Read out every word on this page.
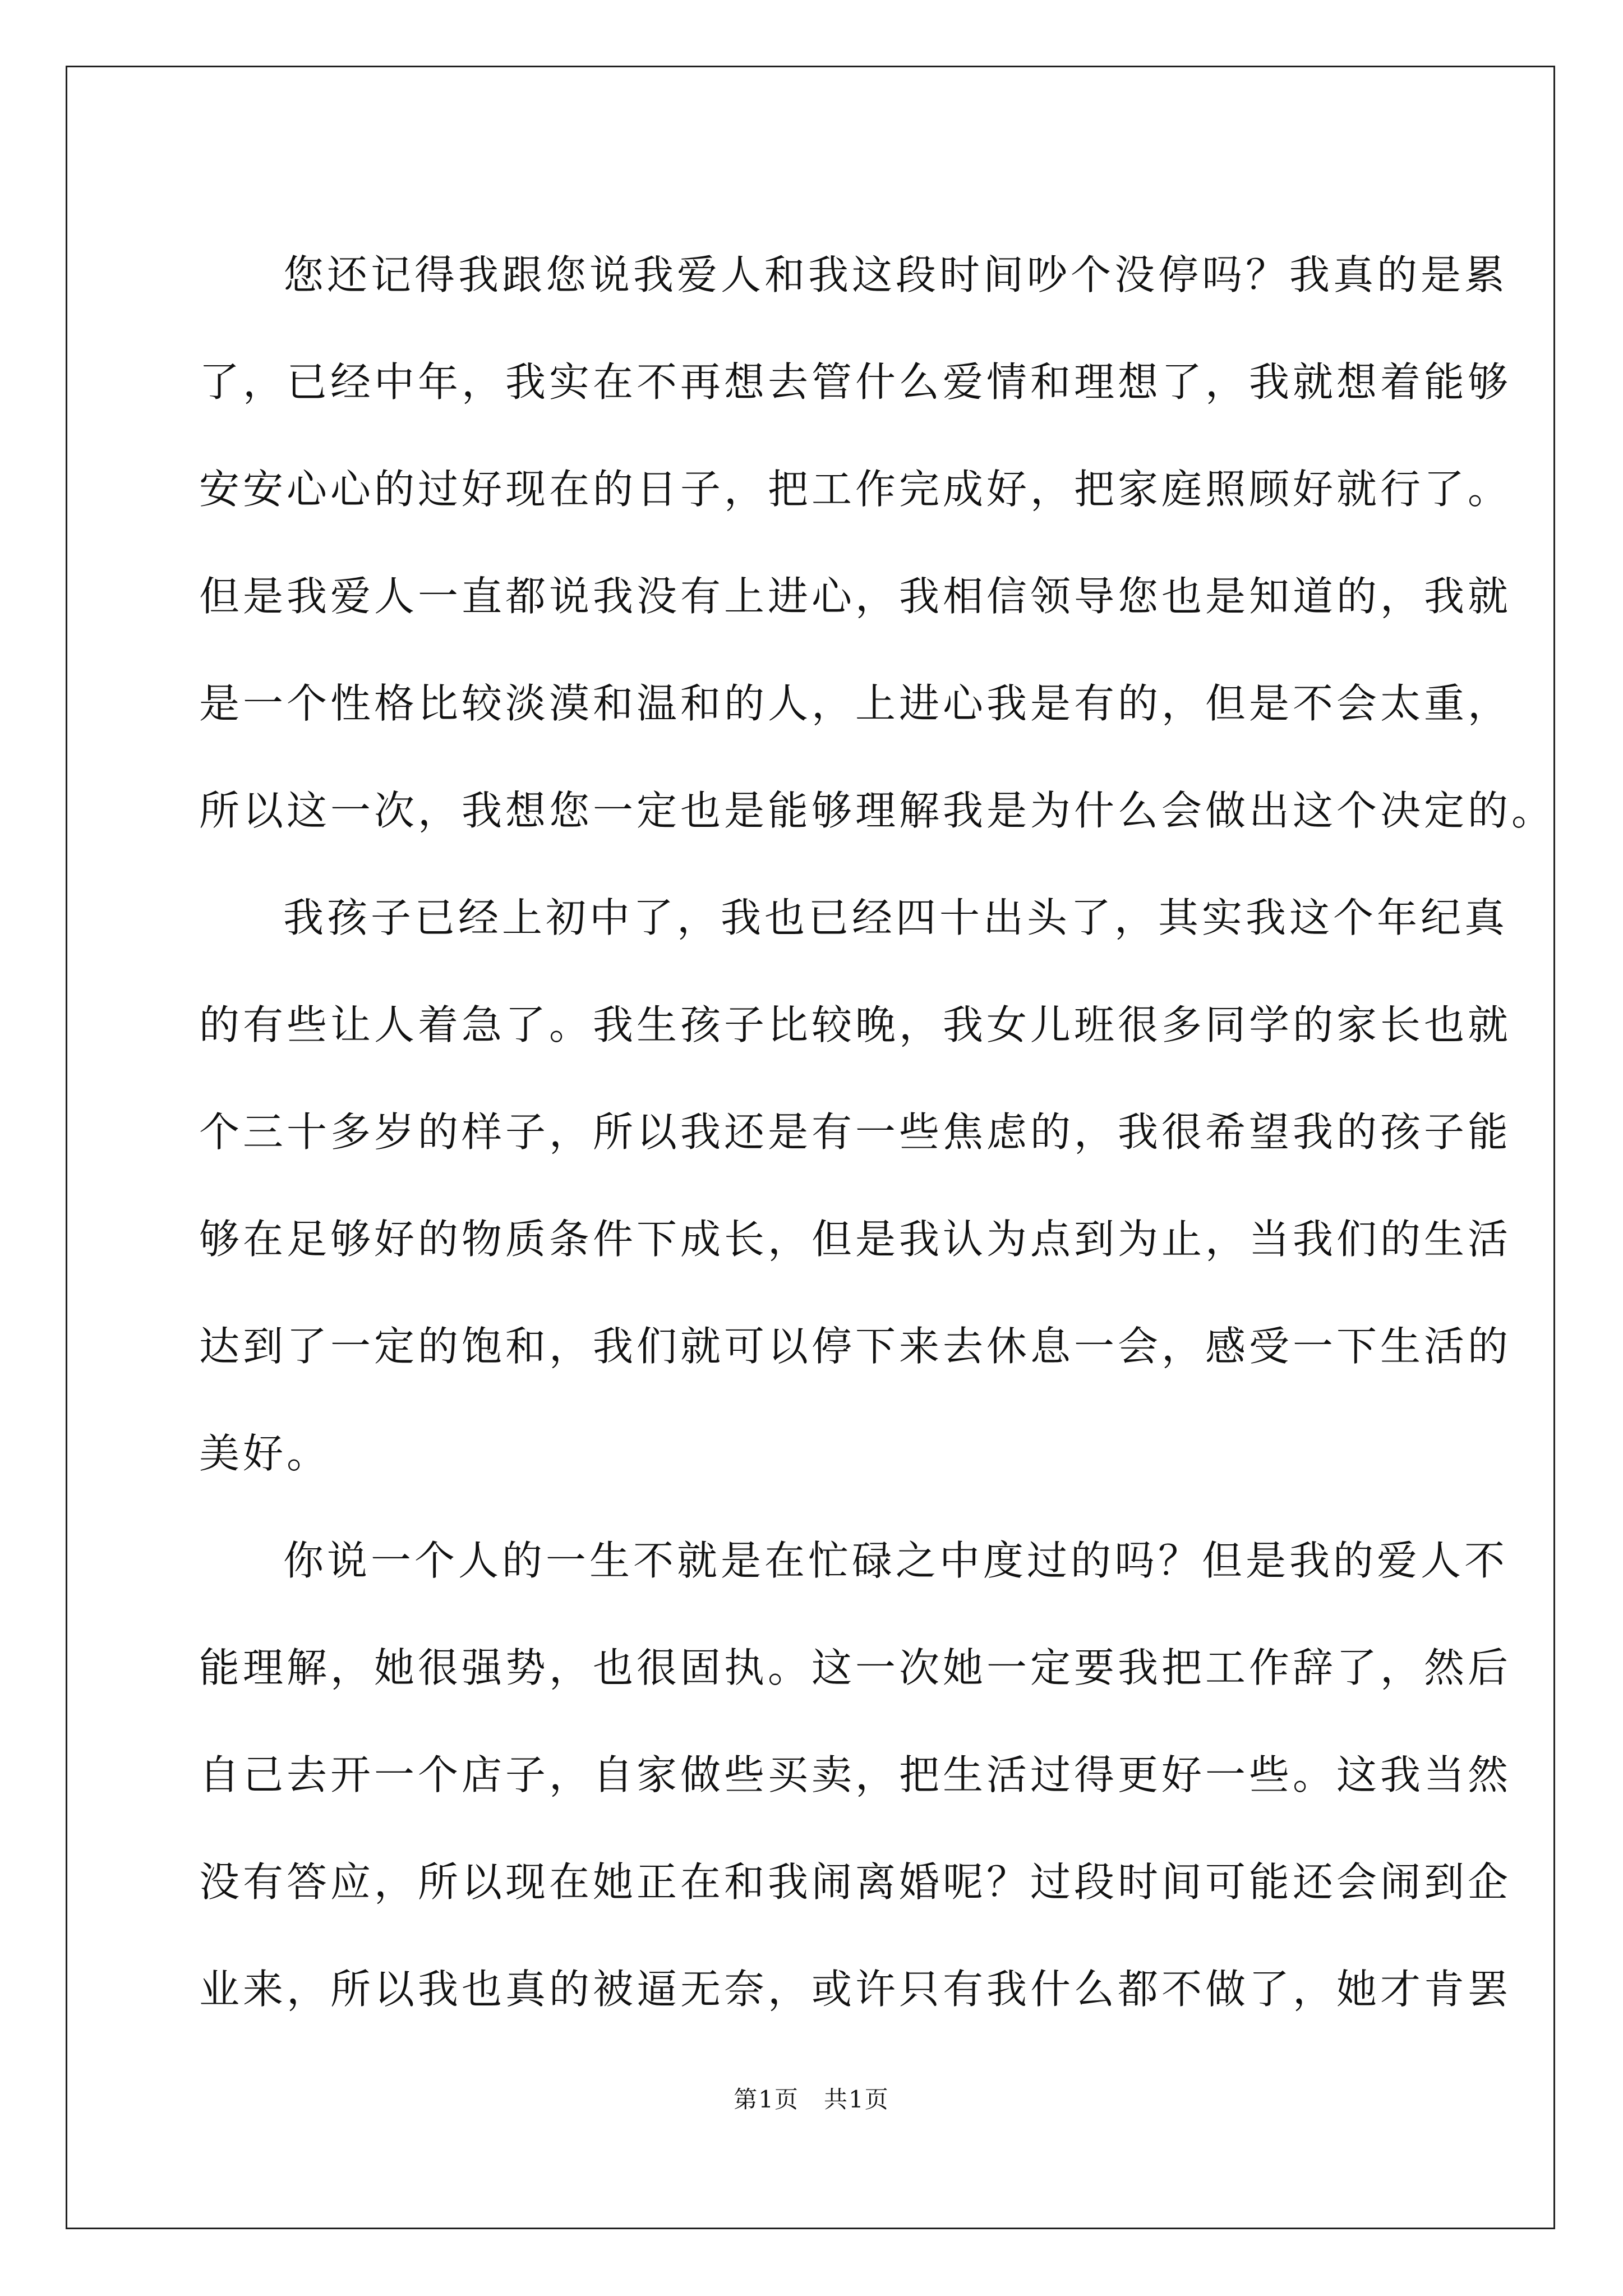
您还记得我跟您说我爱人和我这段时间吵个没停吗？我真的是累
了，已经中年，我实在不再想去管什么爱情和理想了，我就想着能够
安安心心的过好现在的日子，把工作完成好，把家庭照顾好就行了。
但是我爱人一直都说我没有上进心，我相信领导您也是知道的，我就
是一个性格比较淡漠和温和的人，上进心我是有的，但是不会太重，
所以这一次，我想您一定也是能够理解我是为什么会做出这个决定的。
我孩子已经上初中了，我也已经四十出头了，其实我这个年纪真
的有些让人着急了。我生孩子比较晚，我女儿班很多同学的家长也就
个三十多岁的样子，所以我还是有一些焦虑的，我很希望我的孩子能
够在足够好的物质条件下成长，但是我认为点到为止，当我们的生活
达到了一定的饱和，我们就可以停下来去休息一会，感受一下生活的
美好。
你说一个人的一生不就是在忙碌之中度过的吗？但是我的爱人不
能理解，她很强势，也很固执。这一次她一定要我把工作辞了，然后
自己去开一个店子，自家做些买卖，把生活过得更好一些。这我当然
没有答应，所以现在她正在和我闹离婚呢？过段时间可能还会闹到企
业来，所以我也真的被逼无奈，或许只有我什么都不做了，她才肯罢
第1页　共1页
